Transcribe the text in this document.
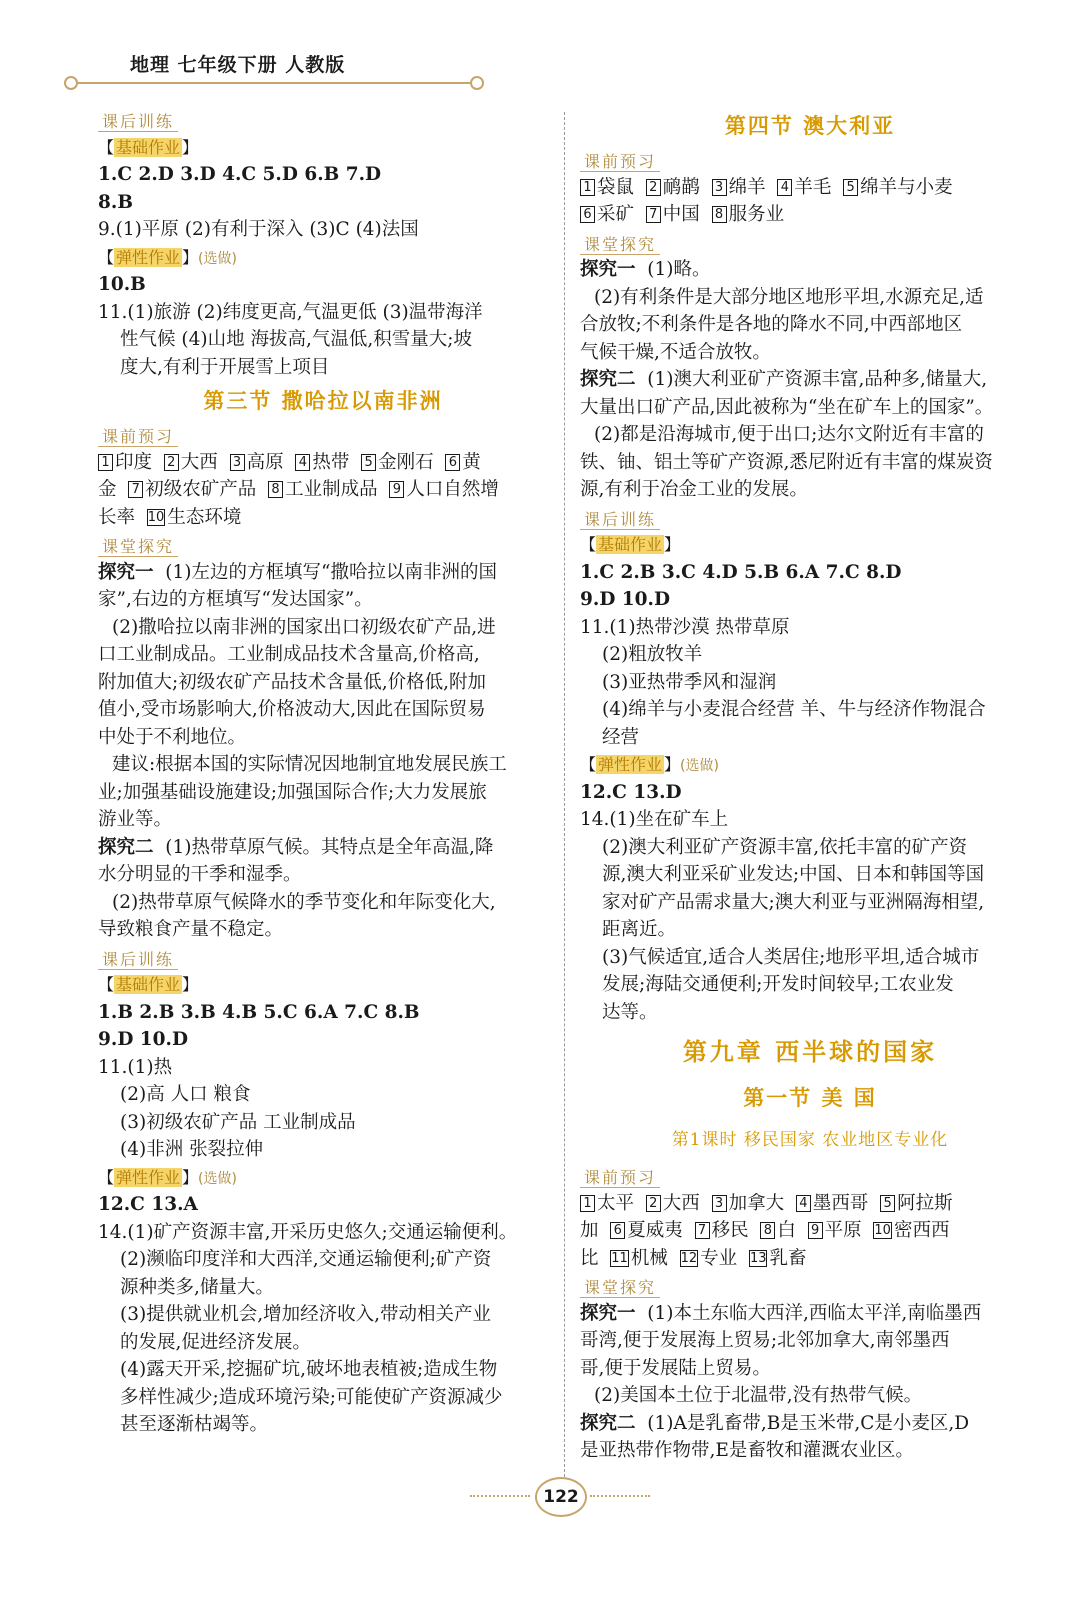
地理 七年级下册 人教版
课后训练
【 基础作业 】
1.C 2.D 3.D 4.C 5.D 6.B 7.D
8.B
9.(1)平原 (2)有利于深入 (3)C (4)法国
【 弹性作业 】(选做)
10.B
11.(1)旅游 (2)纬度更高,气温更低 (3)温带海洋
性气候 (4)山地 海拔高,气温低,积雪量大;坡
度大,有利于开展雪上项目
第三节 撒哈拉以南非洲
课前预习
1 印度 2 大西 3 高原 4 热带 5 金刚石 6 黄
金 7 初级农矿产品 8 工业制成品 9 人口自然增
长率 10 生态环境
课堂探究
探究一 (1)左边的方框填写“撒哈拉以南非洲的国
家”,右边的方框填写“发达国家”。
(2)撒哈拉以南非洲的国家出口初级农矿产品,进
口工业制成品。工业制成品技术含量高,价格高,
附加值大;初级农矿产品技术含量低,价格低,附加
值小,受市场影响大,价格波动大,因此在国际贸易
中处于不利地位。
建议:根据本国的实际情况因地制宜地发展民族工
业;加强基础设施建设;加强国际合作;大力发展旅
游业等。
探究二 (1)热带草原气候。其特点是全年高温,降
水分明显的干季和湿季。
(2)热带草原气候降水的季节变化和年际变化大,
导致粮食产量不稳定。
课后训练
【 基础作业 】
1.B 2.B 3.B 4.B 5.C 6.A 7.C 8.B
9.D 10.D
11.(1)热
(2)高 人口 粮食
(3)初级农矿产品 工业制成品
(4)非洲 张裂拉伸
【 弹性作业 】(选做)
12.C 13.A
14.(1)矿产资源丰富,开采历史悠久;交通运输便利。
(2)濒临印度洋和大西洋,交通运输便利;矿产资
源种类多,储量大。
(3)提供就业机会,增加经济收入,带动相关产业
的发展,促进经济发展。
(4)露天开采,挖掘矿坑,破坏地表植被;造成生物
多样性减少;造成环境污染;可能使矿产资源减少
甚至逐渐枯竭等。
第四节 澳大利亚
课前预习
1 袋鼠 2 鸸鹋 3 绵羊 4 羊毛 5 绵羊与小麦
6 采矿 7 中国 8 服务业
课堂探究
探究一 (1)略。
(2)有利条件是大部分地区地形平坦,水源充足,适
合放牧;不利条件是各地的降水不同,中西部地区
气候干燥,不适合放牧。
探究二 (1)澳大利亚矿产资源丰富,品种多,储量大,
大量出口矿产品,因此被称为“坐在矿车上的国家”。
(2)都是沿海城市,便于出口;达尔文附近有丰富的
铁、铀、铝土等矿产资源,悉尼附近有丰富的煤炭资
源,有利于冶金工业的发展。
课后训练
【 基础作业 】
1.C 2.B 3.C 4.D 5.B 6.A 7.C 8.D
9.D 10.D
11.(1)热带沙漠 热带草原
(2)粗放牧羊
(3)亚热带季风和湿润
(4)绵羊与小麦混合经营 羊、牛与经济作物混合
经营
【 弹性作业 】(选做)
12.C 13.D
14.(1)坐在矿车上
(2)澳大利亚矿产资源丰富,依托丰富的矿产资
源,澳大利亚采矿业发达;中国、日本和韩国等国
家对矿产品需求量大;澳大利亚与亚洲隔海相望,
距离近。
(3)气候适宜,适合人类居住;地形平坦,适合城市
发展;海陆交通便利;开发时间较早;工农业发
达等。
第九章 西半球的国家
第一节 美 国
第1课时 移民国家 农业地区专业化
课前预习
1 太平 2 大西 3 加拿大 4 墨西哥 5 阿拉斯
加 6 夏威夷 7 移民 8 白 9 平原 10 密西西
比 11 机械 12 专业 13 乳畜
课堂探究
探究一 (1)本土东临大西洋,西临太平洋,南临墨西
哥湾,便于发展海上贸易;北邻加拿大,南邻墨西
哥,便于发展陆上贸易。
(2)美国本土位于北温带,没有热带气候。
探究二 (1)A是乳畜带,B是玉米带,C是小麦区,D
是亚热带作物带,E是畜牧和灌溉农业区。
122
